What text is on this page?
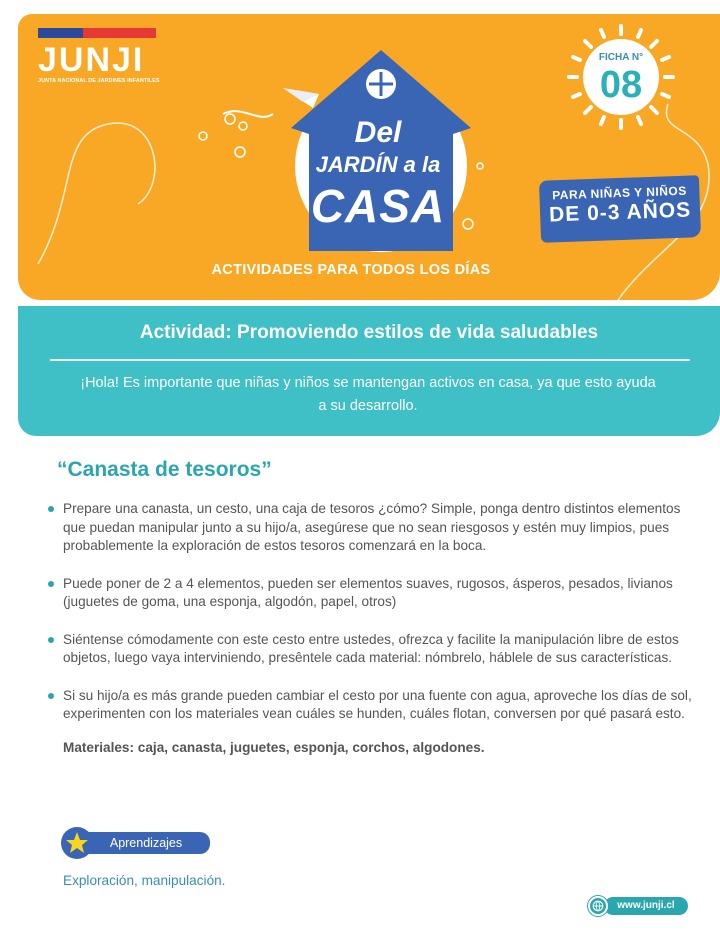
JUNJI
JUNTA NACIONAL DE JARDINES INFANTILES
Del
JARDÍN a la
CASA
FICHA N°
08
PARA NIÑAS Y NIÑOS
DE 0-3 AÑOS
ACTIVIDADES PARA TODOS LOS DÍAS
Actividad: Promoviendo estilos de vida saludables
¡Hola! Es importante que niñas y niños se mantengan activos en casa, ya que esto ayuda a su desarrollo.
“Canasta de tesoros”
Prepare una canasta, un cesto, una caja de tesoros ¿cómo? Simple, ponga dentro distintos elementos que puedan manipular junto a su hijo/a, asegúrese que no sean riesgosos y estén muy limpios, pues probablemente la exploración de estos tesoros comenzará en la boca.
Puede poner de 2 a 4 elementos, pueden ser elementos suaves, rugosos, ásperos, pesados, livianos (juguetes de goma, una esponja, algodón, papel, otros)
Siéntense cómodamente con este cesto entre ustedes, ofrezca y facilite la manipulación libre de estos objetos, luego vaya interviniendo, presêntele cada material: nómbrelo, háblele de sus características.
Si su hijo/a es más grande pueden cambiar el cesto por una fuente con agua, aproveche los días de sol, experimenten con los materiales vean cuáles se hunden, cuáles flotan, conversen por qué pasará esto.
Materiales: caja, canasta, juguetes, esponja, corchos, algodones.
Aprendizajes
Exploración, manipulación.
www.junji.cl
